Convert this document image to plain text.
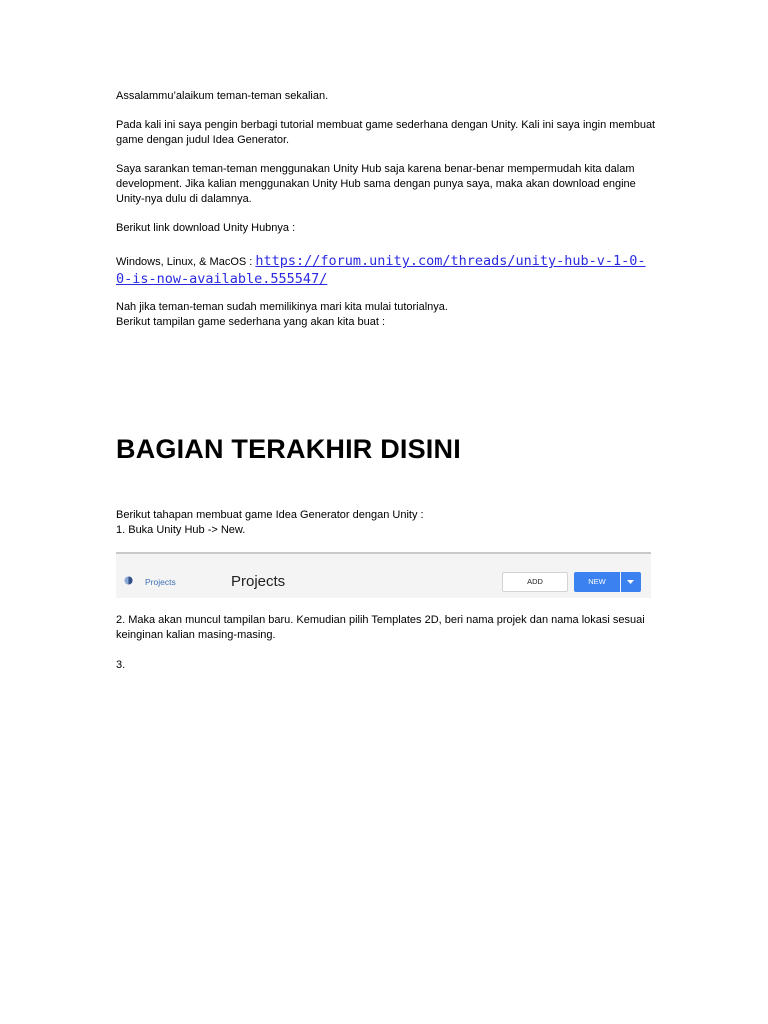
Assalammu’alaikum teman-teman sekalian.

Pada kali ini saya pengin berbagi tutorial membuat game sederhana dengan Unity. Kali ini saya ingin membuat game dengan judul Idea Generator.

Saya sarankan teman-teman menggunakan Unity Hub saja karena benar-benar mempermudah kita dalam development. Jika kalian menggunakan Unity Hub sama dengan punya saya, maka akan download engine Unity-nya dulu di dalamnya.

Berikut link download Unity Hubnya :

Windows, Linux, & MacOS : https://forum.unity.com/threads/unity-hub-v-1-0-0-is-now-available.555547/

Nah jika teman-teman sudah memilikinya mari kita mulai tutorialnya.
Berikut tampilan game sederhana yang akan kita buat :

BAGIAN TERAKHIR DISINI

Berikut tahapan membuat game Idea Generator dengan Unity :
1. Buka Unity Hub -> New.

Projects	Projects	ADD	NEW

2. Maka akan muncul tampilan baru. Kemudian pilih Templates 2D, beri nama projek dan nama lokasi sesuai keinginan kalian masing-masing.

3.
